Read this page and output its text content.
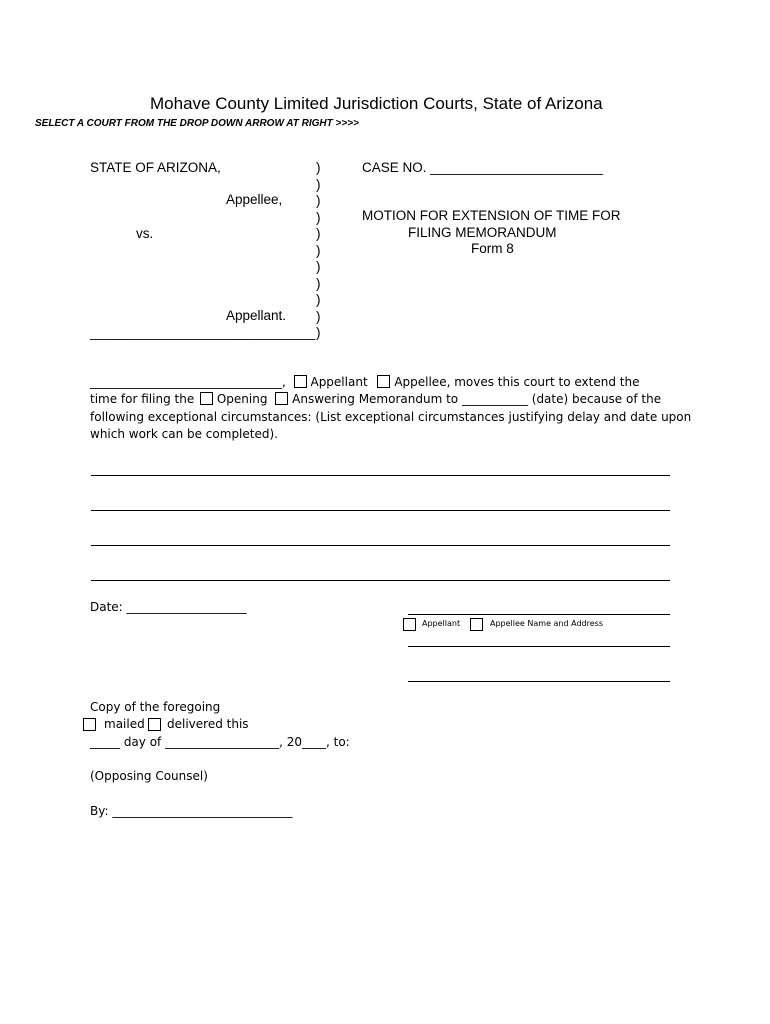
Mohave County Limited Jurisdiction Courts, State of Arizona
SELECT A COURT FROM THE DROP DOWN ARROW AT RIGHT >>>>
STATE OF ARIZONA,
Appellee,
vs.
Appellant.
______________________________
)
)
)
)
)
)
)
)
)
)
)
CASE NO. _______________________
MOTION FOR EXTENSION OF TIME FOR
FILING MEMORANDUM
Form 8
________________________________, Appellant Appellee, moves this court to extend the
time for filing the Opening Answering Memorandum to ___________ (date) because of the
following exceptional circumstances: (List exceptional circumstances justifying delay and date upon
which work can be completed).
Date: ____________________
Appellant	Appellee Name and Address
Copy of the foregoing
mailed delivered this
_____ day of ___________________, 20____, to:
(Opposing Counsel)
By: ______________________________
